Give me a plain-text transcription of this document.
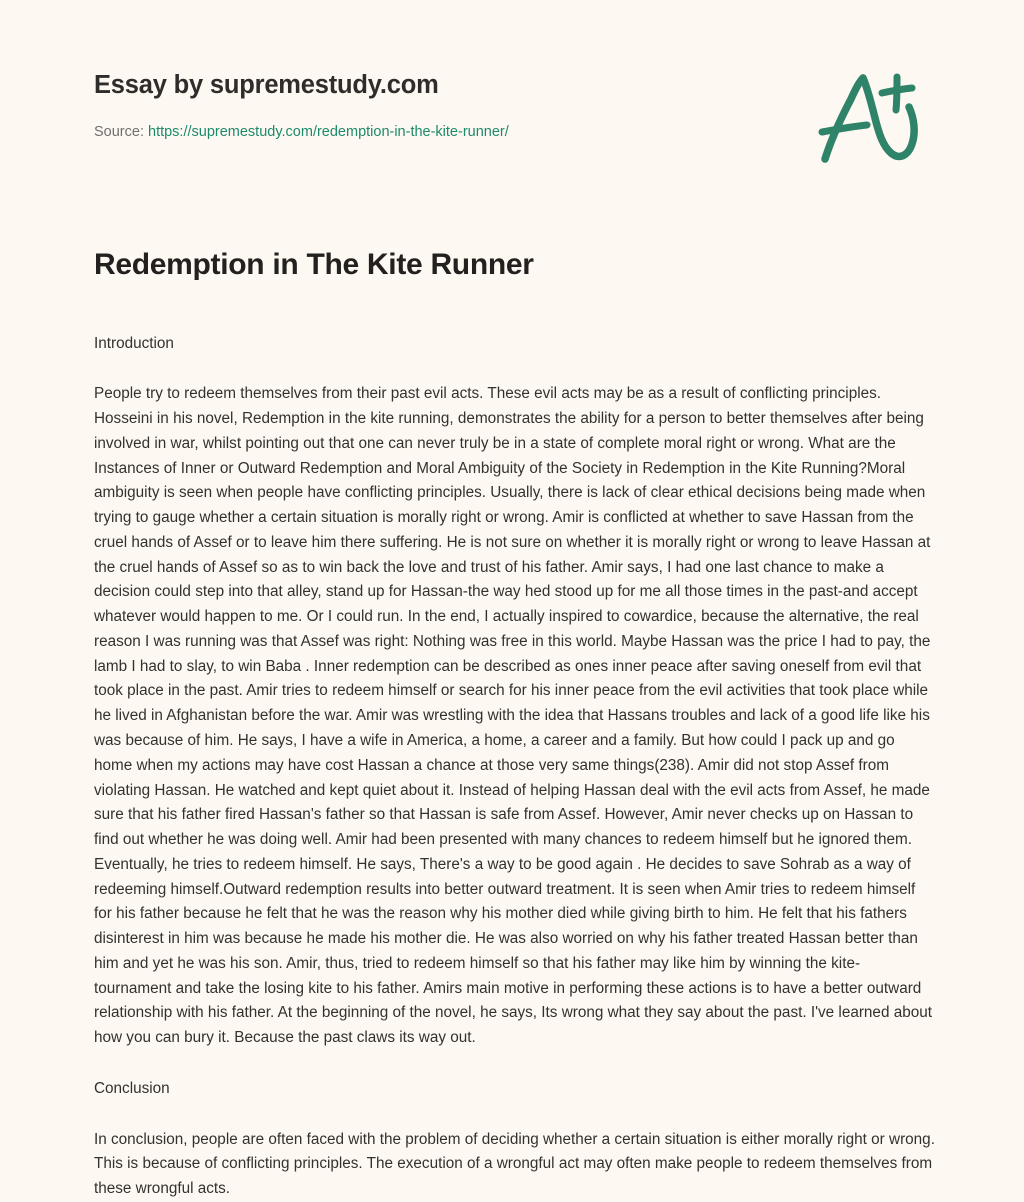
Essay by supremestudy.com
Source: https://supremestudy.com/redemption-in-the-kite-runner/
Redemption in The Kite Runner

Introduction

People try to redeem themselves from their past evil acts. These evil acts may be as a result of conflicting principles. Hosseini in his novel, Redemption in the kite running, demonstrates the ability for a person to better themselves after being involved in war, whilst pointing out that one can never truly be in a state of complete moral right or wrong. What are the Instances of Inner or Outward Redemption and Moral Ambiguity of the Society in Redemption in the Kite Running?Moral ambiguity is seen when people have conflicting principles. Usually, there is lack of clear ethical decisions being made when trying to gauge whether a certain situation is morally right or wrong. Amir is conflicted at whether to save Hassan from the cruel hands of Assef or to leave him there suffering. He is not sure on whether it is morally right or wrong to leave Hassan at the cruel hands of Assef so as to win back the love and trust of his father. Amir says, I had one last chance to make a decision could step into that alley, stand up for Hassan-the way hed stood up for me all those times in the past-and accept whatever would happen to me. Or I could run. In the end, I actually inspired to cowardice, because the alternative, the real reason I was running was that Assef was right: Nothing was free in this world. Maybe Hassan was the price I had to pay, the lamb I had to slay, to win Baba . Inner redemption can be described as ones inner peace after saving oneself from evil that took place in the past. Amir tries to redeem himself or search for his inner peace from the evil activities that took place while he lived in Afghanistan before the war. Amir was wrestling with the idea that Hassans troubles and lack of a good life like his was because of him. He says, I have a wife in America, a home, a career and a family. But how could I pack up and go home when my actions may have cost Hassan a chance at those very same things(238). Amir did not stop Assef from violating Hassan. He watched and kept quiet about it. Instead of helping Hassan deal with the evil acts from Assef, he made sure that his father fired Hassan's father so that Hassan is safe from Assef. However, Amir never checks up on Hassan to find out whether he was doing well. Amir had been presented with many chances to redeem himself but he ignored them. Eventually, he tries to redeem himself. He says, There's a way to be good again . He decides to save Sohrab as a way of redeeming himself.Outward redemption results into better outward treatment. It is seen when Amir tries to redeem himself for his father because he felt that he was the reason why his mother died while giving birth to him. He felt that his fathers disinterest in him was because he made his mother die. He was also worried on why his father treated Hassan better than him and yet he was his son. Amir, thus, tried to redeem himself so that his father may like him by winning the kite-tournament and take the losing kite to his father. Amirs main motive in performing these actions is to have a better outward relationship with his father. At the beginning of the novel, he says, Its wrong what they say about the past. I've learned about how you can bury it. Because the past claws its way out.

Conclusion

In conclusion, people are often faced with the problem of deciding whether a certain situation is either morally right or wrong. This is because of conflicting principles. The execution of a wrongful act may often make people to redeem themselves from these wrongful acts.
